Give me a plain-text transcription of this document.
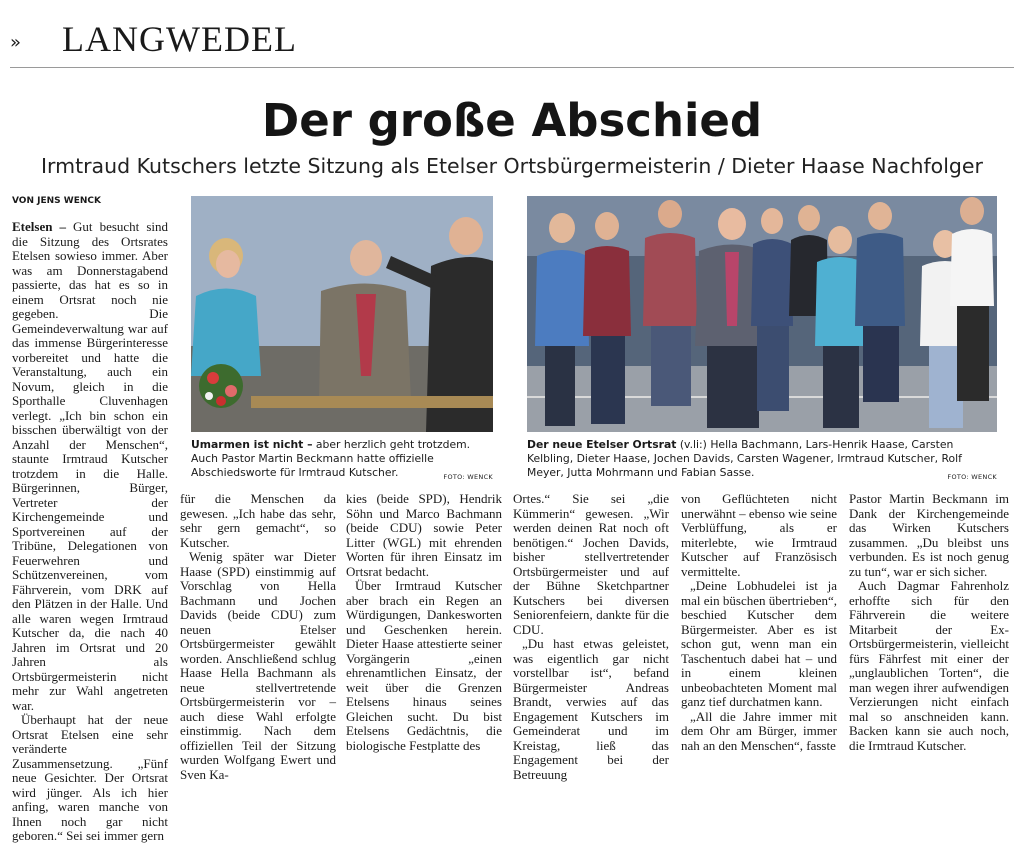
» LANGWEDEL
Der große Abschied
Irmtraud Kutschers letzte Sitzung als Etelser Ortsbürgermeisterin / Dieter Haase Nachfolger
VON JENS WENCK

Etelsen – Gut besucht sind die Sitzung des Ortsrates Etelsen sowieso immer. Aber was am Donnerstagabend passierte, das hat es so in einem Ortsrat noch nie gegeben. Die Gemeindeverwaltung war auf das immense Bürgerinteresse vorbereitet und hatte die Veranstaltung, auch ein Novum, gleich in die Sporthalle Cluvenhagen verlegt. „Ich bin schon ein bisschen überwältigt von der Anzahl der Menschen“, staunte Irmtraud Kutscher trotzdem in die Halle. Bürgerinnen, Bürger, Vertreter der Kirchengemeinde und Sportvereinen auf der Tribüne, Delegationen von Feuerwehren und Schützenvereinen, vom Fährverein, vom DRK auf den Plätzen in der Halle. Und alle waren wegen Irmtraud Kutscher da, die nach 40 Jahren im Ortsrat und 20 Jahren als Ortsbürgermeisterin nicht mehr zur Wahl angetreten war.

Überhaupt hat der neue Ortsrat Etelsen eine sehr veränderte Zusammensetzung. „Fünf neue Gesichter. Der Ortsrat wird jünger. Als ich hier anfing, waren manche von Ihnen noch gar nicht geboren.“ Sei sei immer gern

Umarmen ist nicht – aber herzlich geht trotzdem. Auch Pastor Martin Beckmann hatte offizielle Abschiedsworte für Irmtraud Kutscher.	FOTO: WENCK
Der neue Etelser Ortsrat (v.li:) Hella Bachmann, Lars-Henrik Haase, Carsten Kelbling, Dieter Haase, Jochen Davids, Carsten Wagener, Irmtraud Kutscher, Rolf Meyer, Jutta Mohrmann und Fabian Sasse.	FOTO: WENCK

für die Menschen da gewesen. „Ich habe das sehr, sehr gern gemacht“, so Kutscher.

Wenig später war Dieter Haase (SPD) einstimmig auf Vorschlag von Hella Bachmann und Jochen Davids (beide CDU) zum neuen Etelser Ortsbürgermeister gewählt worden. Anschließend schlug Haase Hella Bachmann als neue stellvertretende Ortsbürgermeisterin vor – auch diese Wahl erfolgte einstimmig. Nach dem offiziellen Teil der Sitzung wurden Wolfgang Ewert und Sven Ka-

kies (beide SPD), Hendrik Söhn und Marco Bachmann (beide CDU) sowie Peter Litter (WGL) mit ehrenden Worten für ihren Einsatz im Ortsrat bedacht.

Über Irmtraud Kutscher aber brach ein Regen an Würdigungen, Dankesworten und Geschenken herein. Dieter Haase attestierte seiner Vorgängerin „einen ehrenamtlichen Einsatz, der weit über die Grenzen Etelsens hinaus seines Gleichen sucht. Du bist Etelsens Gedächtnis, die biologische Festplatte des

Ortes.“ Sie sei „die Kümmerin“ gewesen. „Wir werden deinen Rat noch oft benötigen.“ Jochen Davids, bisher stellvertretender Ortsbürgermeister und auf der Bühne Sketchpartner Kutschers bei diversen Seniorenfeiern, dankte für die CDU.

„Du hast etwas geleistet, was eigentlich gar nicht vorstellbar ist“, befand Bürgermeister Andreas Brandt, verwies auf das Engagement Kutschers im Gemeinderat und im Kreistag, ließ das Engagement bei der Betreuung

von Geflüchteten nicht unerwähnt – ebenso wie seine Verblüffung, als er miterlebte, wie Irmtraud Kutscher auf Französisch vermittelte.

„Deine Lobhudelei ist ja mal ein büschen übertrieben“, beschied Kutscher dem Bürgermeister. Aber es ist schon gut, wenn man ein Taschentuch dabei hat – und in einem kleinen unbeobachteten Moment mal ganz tief durchatmen kann.

„All die Jahre immer mit dem Ohr am Bürger, immer nah an den Menschen“, fasste

Pastor Martin Beckmann im Dank der Kirchengemeinde das Wirken Kutschers zusammen. „Du bleibst uns verbunden. Es ist noch genug zu tun“, war er sich sicher.

Auch Dagmar Fahrenholz erhoffte sich für den Fährverein die weitere Mitarbeit der Ex-Ortsbürgermeisterin, vielleicht fürs Fährfest mit einer der „unglaublichen Torten“, die man wegen ihrer aufwendigen Verzierungen nicht einfach mal so anschneiden kann. Backen kann sie auch noch, die Irmtraud Kutscher.
